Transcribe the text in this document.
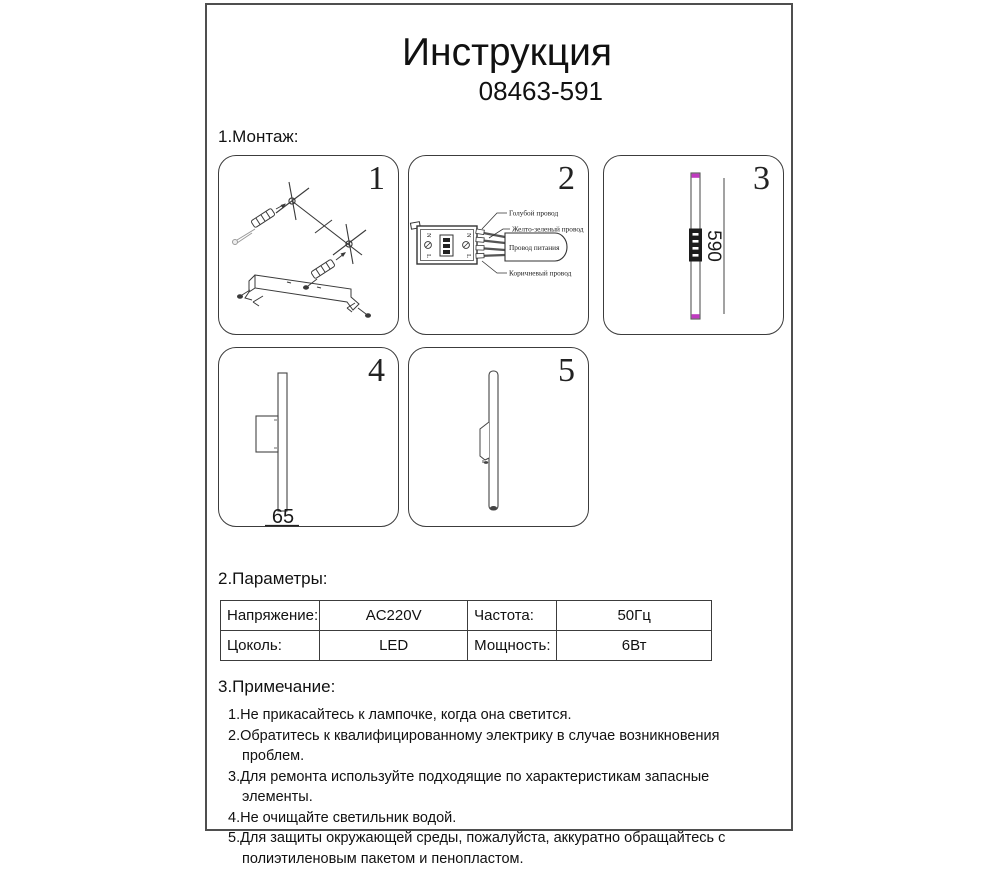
Инструкция
08463-591
1.Монтаж:
1
N
L
N
L
Провод питания
Голубой провод
Желто-зеленый провод
Коричневый провод
2
590
3
65
4	5
2.Параметры:
Напряжение:	AC220V	Частота:	50Гц
Цоколь:	LED	Мощность:	6Вт
3.Примечание:
1.Не прикасайтесь к лампочке, когда она светится.
2.Обратитесь к квалифицированному электрику в случае возникновения проблем.
3.Для ремонта используйте подходящие по характеристикам запасные элементы.
4.Не очищайте светильник водой.
5.Для защиты окружающей среды, пожалуйста, аккуратно обращайтесь с полиэтиленовым пакетом и пенопластом.
